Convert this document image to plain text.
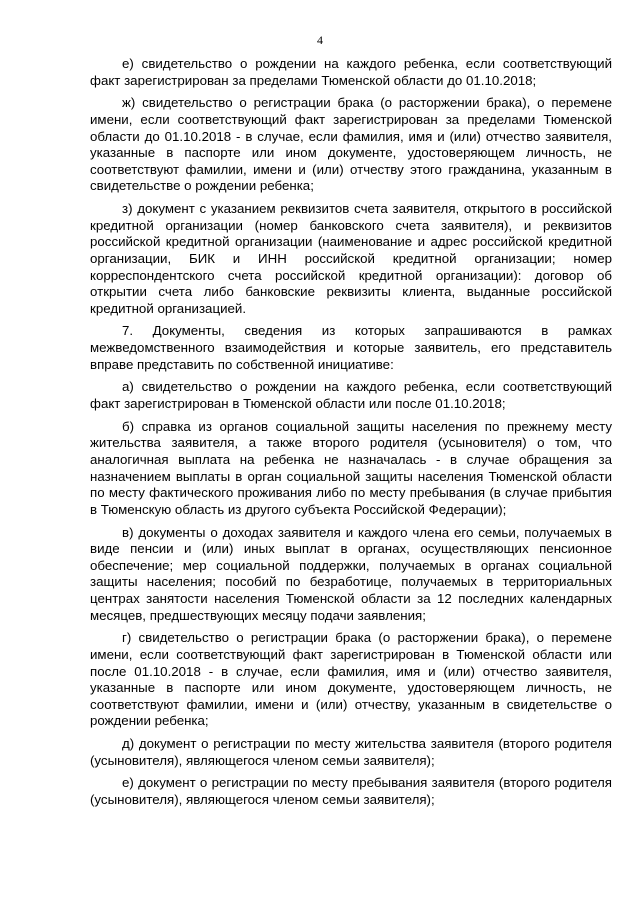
4

е) свидетельство о рождении на каждого ребенка, если соответствующий факт зарегистрирован за пределами Тюменской области до 01.10.2018;

ж) свидетельство о регистрации брака (о расторжении брака), о перемене имени, если соответствующий факт зарегистрирован за пределами Тюменской области до 01.10.2018 - в случае, если фамилия, имя и (или) отчество заявителя, указанные в паспорте или ином документе, удостоверяющем личность, не соответствуют фамилии, имени и (или) отчеству этого гражданина, указанным в свидетельстве о рождении ребенка;

з) документ с указанием реквизитов счета заявителя, открытого в российской кредитной организации (номер банковского счета заявителя), и реквизитов российской кредитной организации (наименование и адрес российской кредитной организации, БИК и ИНН российской кредитной организации; номер корреспондентского счета российской кредитной организации): договор об открытии счета либо банковские реквизиты клиента, выданные российской кредитной организацией.

7. Документы, сведения из которых запрашиваются в рамках межведомственного взаимодействия и которые заявитель, его представитель вправе представить по собственной инициативе:

а) свидетельство о рождении на каждого ребенка, если соответствующий факт зарегистрирован в Тюменской области или после 01.10.2018;

б) справка из органов социальной защиты населения по прежнему месту жительства заявителя, а также второго родителя (усыновителя) о том, что аналогичная выплата на ребенка не назначалась - в случае обращения за назначением выплаты в орган социальной защиты населения Тюменской области по месту фактического проживания либо по месту пребывания (в случае прибытия в Тюменскую область из другого субъекта Российской Федерации);

в) документы о доходах заявителя и каждого члена его семьи, получаемых в виде пенсии и (или) иных выплат в органах, осуществляющих пенсионное обеспечение; мер социальной поддержки, получаемых в органах социальной защиты населения; пособий по безработице, получаемых в территориальных центрах занятости населения Тюменской области за 12 последних календарных месяцев, предшествующих месяцу подачи заявления;

г) свидетельство о регистрации брака (о расторжении брака), о перемене имени, если соответствующий факт зарегистрирован в Тюменской области или после 01.10.2018 - в случае, если фамилия, имя и (или) отчество заявителя, указанные в паспорте или ином документе, удостоверяющем личность, не соответствуют фамилии, имени и (или) отчеству, указанным в свидетельстве о рождении ребенка;

д) документ о регистрации по месту жительства заявителя (второго родителя (усыновителя), являющегося членом семьи заявителя);

е) документ о регистрации по месту пребывания заявителя (второго родителя (усыновителя), являющегося членом семьи заявителя);
